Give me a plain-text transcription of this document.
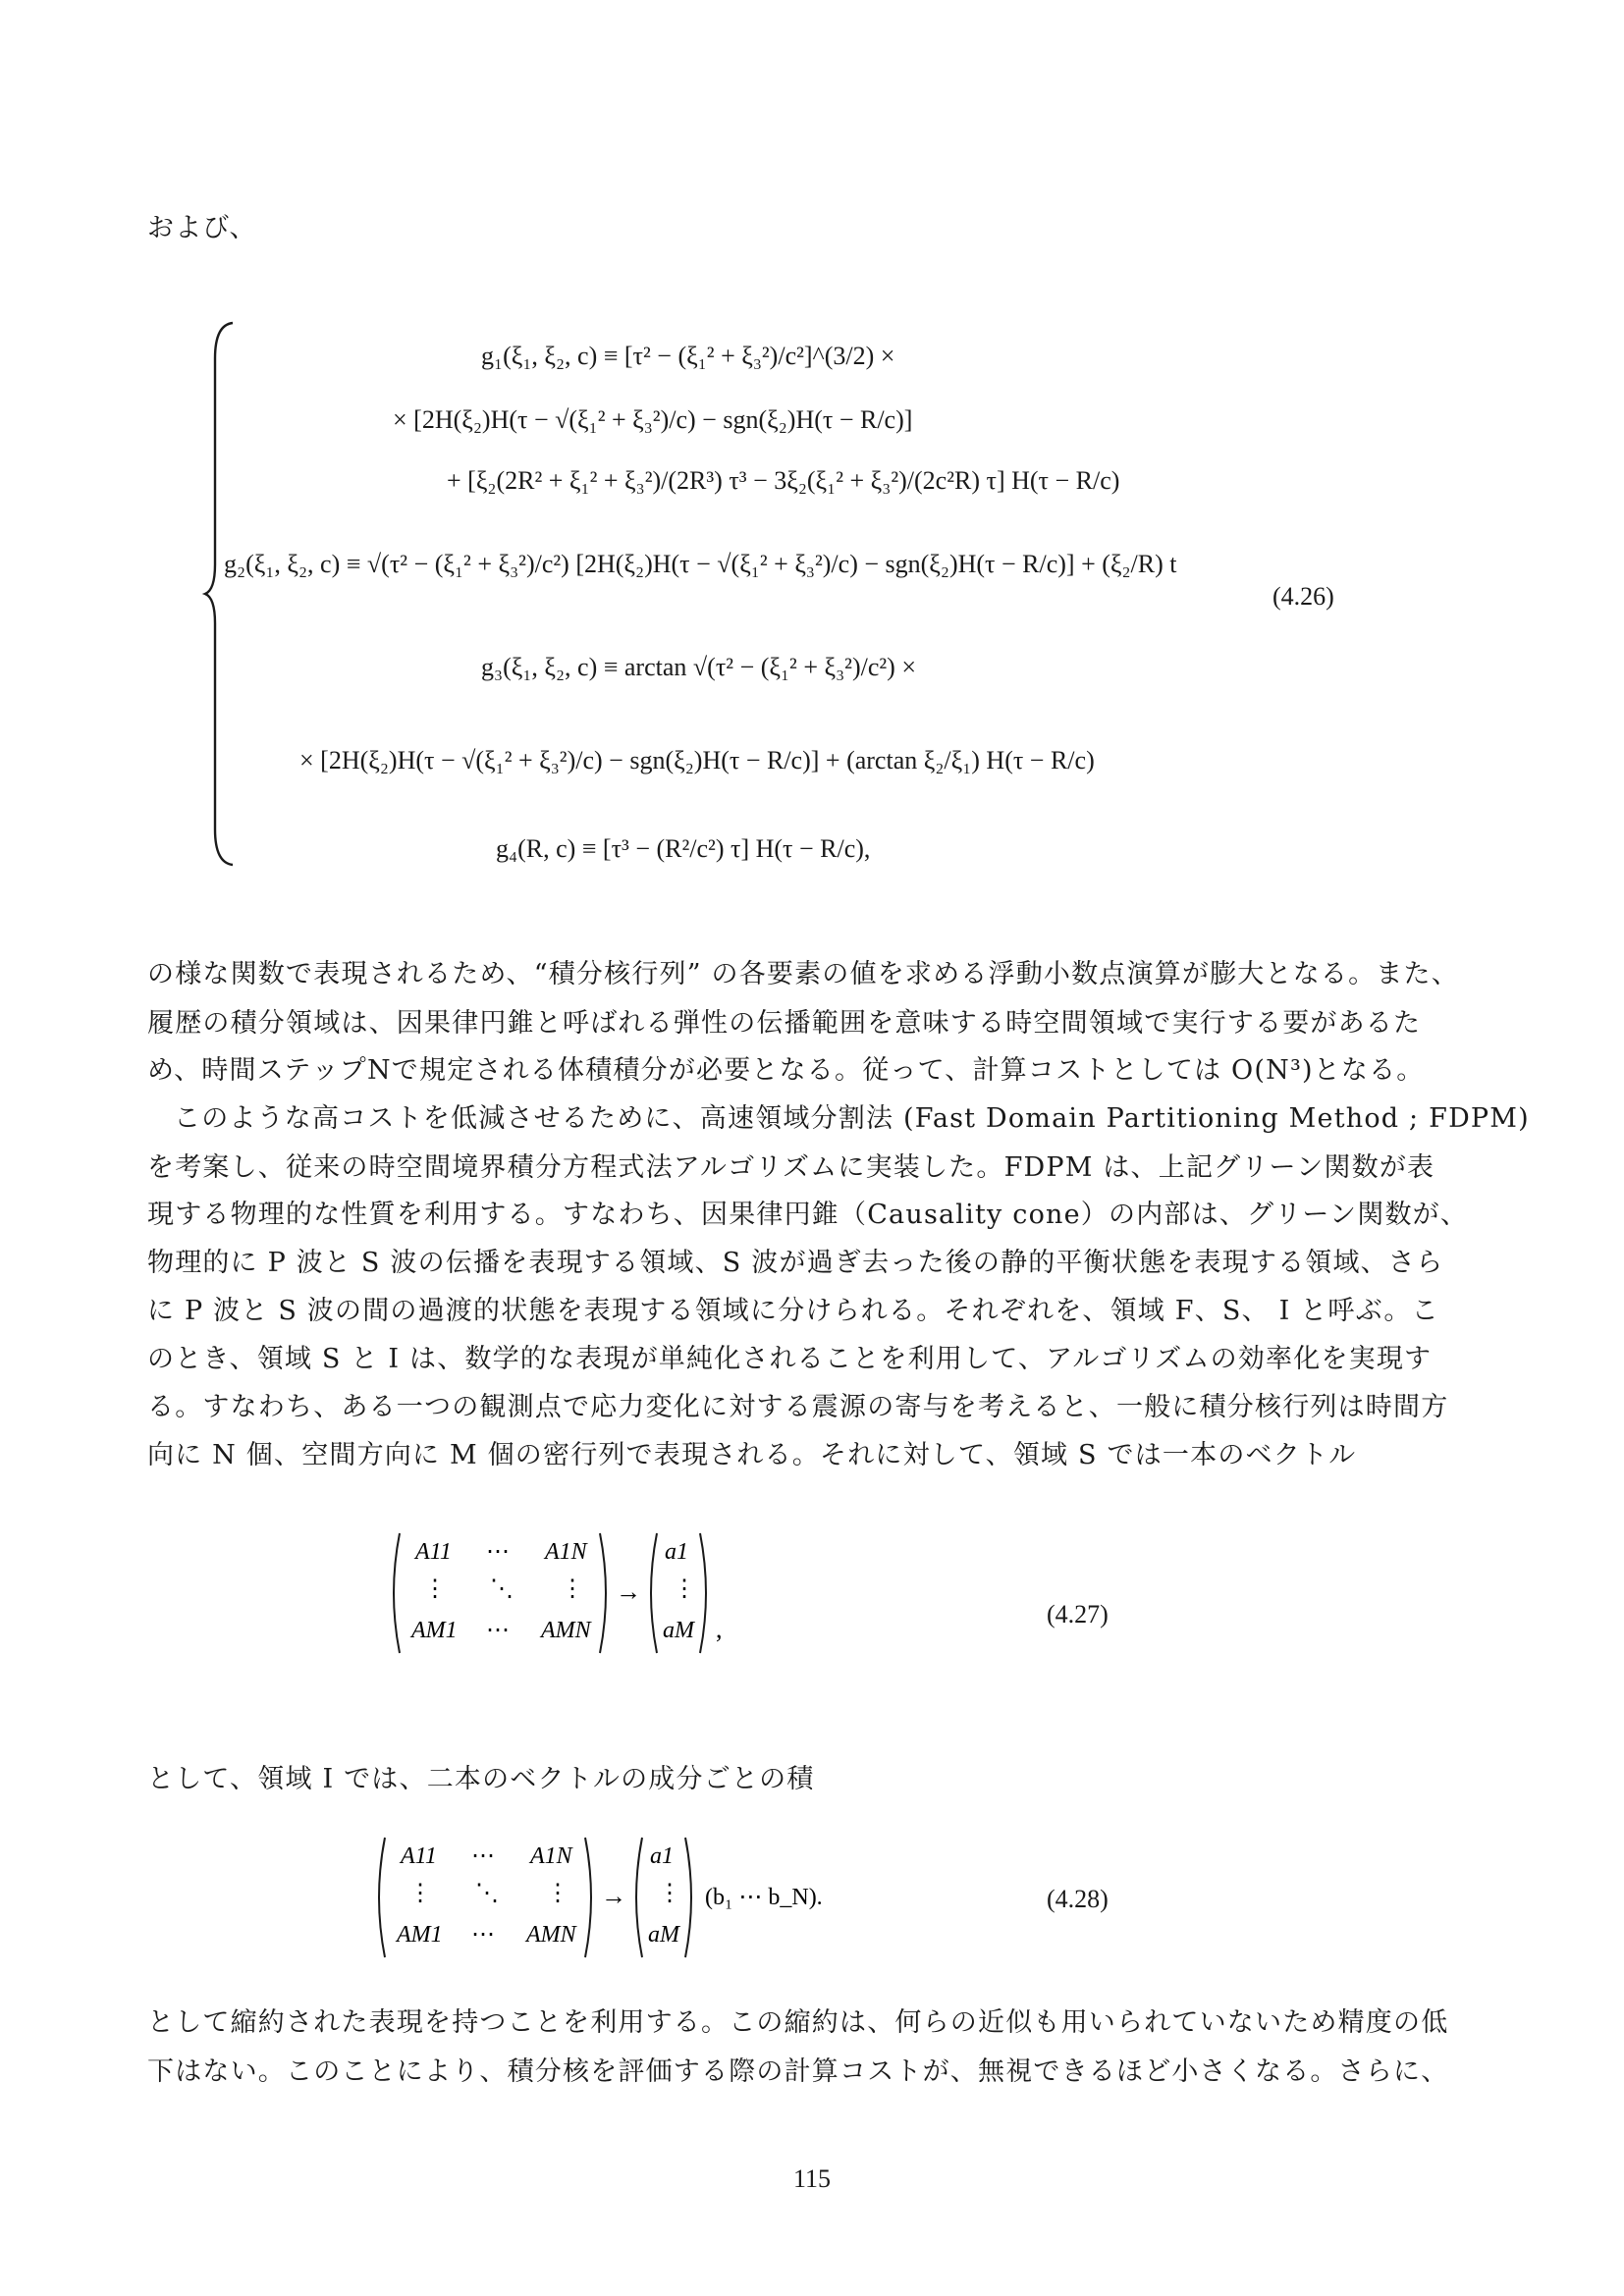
および、
g₁(ξ₁, ξ₂, c) ≡ [τ² − (ξ₁² + ξ₃²)/c²]^(3/2) ×
× [2H(ξ₂)H(τ − √(ξ₁² + ξ₃²)/c) − sgn(ξ₂)H(τ − R/c)]
+ [ξ₂(2R² + ξ₁² + ξ₃²)/(2R³) τ³ − 3ξ₂(ξ₁² + ξ₃²)/(2c²R) τ] H(τ − R/c)
g₂(ξ₁, ξ₂, c) ≡ √(τ² − (ξ₁² + ξ₃²)/c²) [2H(ξ₂)H(τ − √(ξ₁² + ξ₃²)/c) − sgn(ξ₂)H(τ − R/c)] + (ξ₂/R) t
g₃(ξ₁, ξ₂, c) ≡ arctan √(τ² − (ξ₁² + ξ₃²)/c²) ×
× [2H(ξ₂)H(τ − √(ξ₁² + ξ₃²)/c) − sgn(ξ₂)H(τ − R/c)] + (arctan ξ₂/ξ₁) H(τ − R/c)
g₄(R, c) ≡ [τ³ − (R²/c²) τ] H(τ − R/c),
(4.26)
の様な関数で表現されるため、“積分核行列” の各要素の値を求める浮動小数点演算が膨大となる。また、
履歴の積分領域は、因果律円錐と呼ばれる弾性の伝播範囲を意味する時空間領域で実行する要があるた
め、時間ステップNで規定される体積積分が必要となる。従って、計算コストとしては O(N³)となる。
このような高コストを低減させるために、高速領域分割法 (Fast Domain Partitioning Method ; FDPM)
を考案し、従来の時空間境界積分方程式法アルゴリズムに実装した。FDPM は、上記グリーン関数が表
現する物理的な性質を利用する。すなわち、因果律円錐（Causality cone）の内部は、グリーン関数が、
物理的に P 波と S 波の伝播を表現する領域、S 波が過ぎ去った後の静的平衡状態を表現する領域、さら
に P 波と S 波の間の過渡的状態を表現する領域に分けられる。それぞれを、領域 F、S、 I と呼ぶ。こ
のとき、領域 S と I は、数学的な表現が単純化されることを利用して、アルゴリズムの効率化を実現す
る。すなわち、ある一つの観測点で応力変化に対する震源の寄与を考えると、一般に積分核行列は時間方
向に N 個、空間方向に M 個の密行列で表現される。それに対して、領域 S では一本のベクトル
A11 ⋯ A1N
⋮ ⋱ ⋮
AM1 ⋯ AMN
→
a1
⋮
aM ,
(4.27)
として、領域 I では、二本のベクトルの成分ごとの積
A11 ⋯ A1N
⋮ ⋱ ⋮
AM1 ⋯ AMN
→
a1
⋮
aM
(b₁ ⋯ b_N).	(4.28)
として縮約された表現を持つことを利用する。この縮約は、何らの近似も用いられていないため精度の低
下はない。このことにより、積分核を評価する際の計算コストが、無視できるほど小さくなる。さらに、
115
